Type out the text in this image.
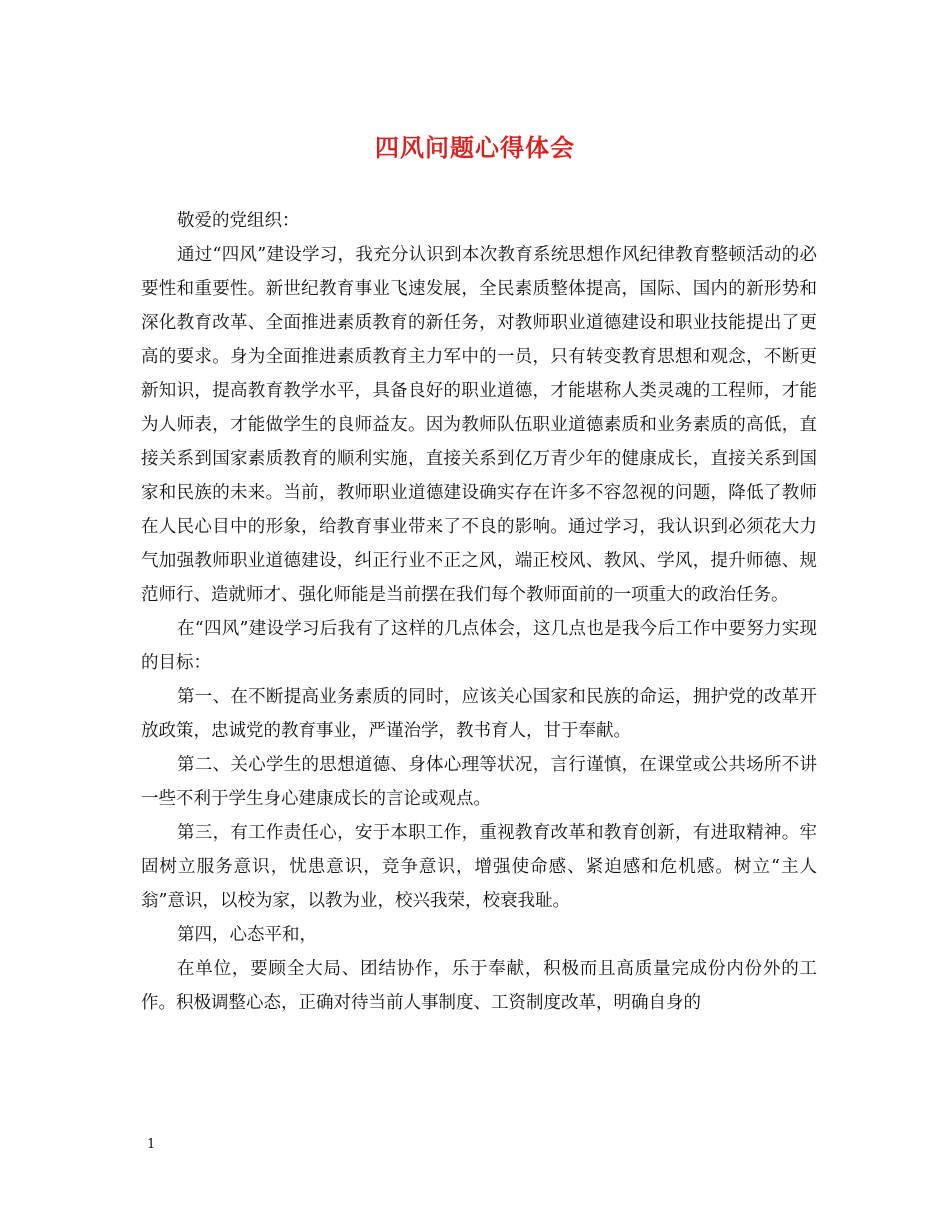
四风问题心得体会

敬爱的党组织：

通过“四风”建设学习，我充分认识到本次教育系统思想作风纪律教育整顿活动的必要性和重要性。新世纪教育事业飞速发展，全民素质整体提高，国际、国内的新形势和深化教育改革、全面推进素质教育的新任务，对教师职业道德建设和职业技能提出了更高的要求。身为全面推进素质教育主力军中的一员，只有转变教育思想和观念，不断更新知识，提高教育教学水平，具备良好的职业道德，才能堪称人类灵魂的工程师，才能为人师表，才能做学生的良师益友。因为教师队伍职业道德素质和业务素质的高低，直接关系到国家素质教育的顺利实施，直接关系到亿万青少年的健康成长，直接关系到国家和民族的未来。当前，教师职业道德建设确实存在许多不容忽视的问题，降低了教师在人民心目中的形象，给教育事业带来了不良的影响。通过学习，我认识到必须花大力气加强教师职业道德建设，纠正行业不正之风，端正校风、教风、学风，提升师德、规范师行、造就师才、强化师能是当前摆在我们每个教师面前的一项重大的政治任务。

在“四风”建设学习后我有了这样的几点体会，这几点也是我今后工作中要努力实现的目标：

第一、在不断提高业务素质的同时，应该关心国家和民族的命运，拥护党的改革开放政策，忠诚党的教育事业，严谨治学，教书育人，甘于奉献。

第二、关心学生的思想道德、身体心理等状况，言行谨慎，在课堂或公共场所不讲一些不利于学生身心建康成长的言论或观点。

第三，有工作责任心，安于本职工作，重视教育改革和教育创新，有进取精神。牢固树立服务意识，忧患意识，竞争意识，增强使命感、紧迫感和危机感。树立“主人翁”意识，以校为家，以教为业，校兴我荣，校衰我耻。

第四，心态平和，

在单位，要顾全大局、团结协作，乐于奉献，积极而且高质量完成份内份外的工作。积极调整心态，正确对待当前人事制度、工资制度改革，明确自身的

1
